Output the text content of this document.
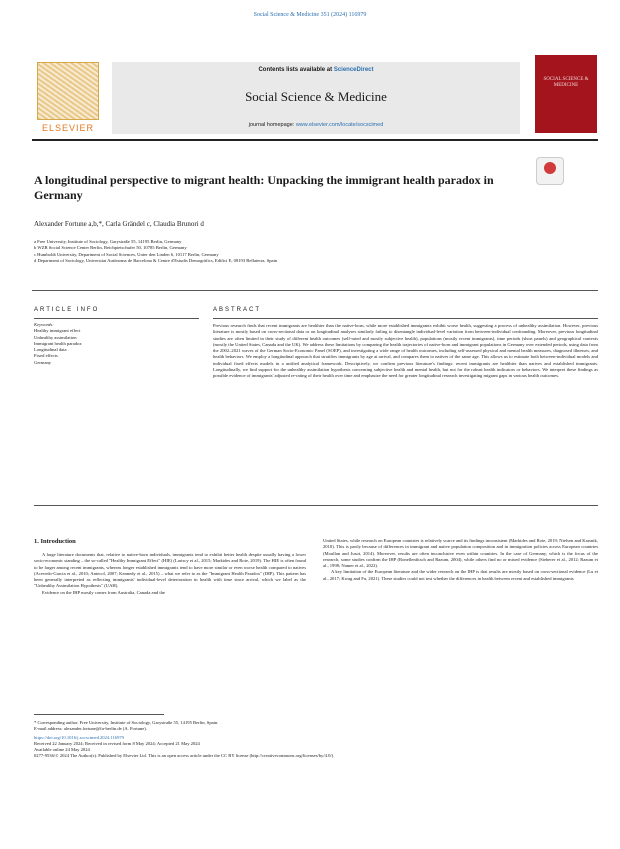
Social Science & Medicine 351 (2024) 116979
ELSEVIER
Contents lists available at ScienceDirect
Social Science & Medicine
journal homepage: www.elsevier.com/locate/socscimed
SOCIAL SCIENCE & MEDICINE
A longitudinal perspective to migrant health: Unpacking the immigrant health paradox in Germany
Alexander Fortune a,b,*, Carla Grändel c, Claudia Brunori d
a Free University, Institute of Sociology, Garystraße 55, 14195 Berlin, Germany
b WZB Social Science Center Berlin, Reichpietschufer 50, 10785 Berlin, Germany
c Humboldt University, Department of Social Sciences, Unter den Linden 6, 10117 Berlin, Germany
d Department of Sociology, Universitat Autònoma de Barcelona & Centre d'Estudis Demogràfics, Edifici E, 08193 Bellaterra, Spain
ARTICLE INFO
Keywords:
Healthy immigrant effect
Unhealthy assimilation
Immigrant health paradox
Longitudinal data
Fixed effects
Germany
ABSTRACT
Previous research finds that recent immigrants are healthier than the native-born, while more established immigrants exhibit worse health, suggesting a process of unhealthy assimilation. However, previous literature is mostly based on cross-sectional data or on longitudinal analyses similarly failing to disentangle individual-level variation from between-individual confounding. Moreover, previous longitudinal studies are often limited in their study of different health outcomes (self-rated and mostly subjective health), populations (mostly recent immigrants), time periods (short panels) and geographical contexts (mostly the United States, Canada and the UK). We address these limitations by comparing the health trajectories of native-born and immigrant populations in Germany over extended periods, using data from the 2002–2021 waves of the German Socio-Economic Panel (SOEP), and investigating a wide range of health outcomes, including self-assessed physical and mental health measures, diagnosed illnesses, and health behaviors. We employ a longitudinal approach that stratifies immigrants by age at arrival, and compares them to natives of the same age. This allows us to estimate both between-individual models and individual fixed effects models in a unified analytical framework. Descriptively, we confirm previous literature's findings: recent immigrants are healthier than natives and established immigrants. Longitudinally, we find support for the unhealthy assimilation hypothesis concerning subjective health and mental health, but not for the robust health indicators or behaviors. We interpret these findings as possible evidence of immigrants' adjusted re-rating of their health over time and emphasize the need for greater longitudinal research investigating migrant gaps in various health outcomes.
1. Introduction
A large literature documents that, relative to native-born individuals, immigrants tend to exhibit better health despite usually having a lower socio-economic standing – the so-called "Healthy Immigrant Effect" (HIE) (Lariscy et al., 2015; Markides and Rote, 2019). The HIE is often found to be larger among recent immigrants, whereas longer established immigrants tend to have more similar or even worse health compared to natives (Acevedo-Garcia et al., 2010; Antecol, 2007; Kennedy et al., 2015) – what we refer to as the "Immigrant Health Paradox" (IHP). This pattern has been generally interpreted as reflecting immigrants' individual-level deterioration in health with time since arrival, which we label as the "Unhealthy Assimilation Hypothesis" (UAH).
Evidence on the IHP mostly comes from Australia, Canada and the
United States, while research on European countries is relatively scarce and its findings inconsistent (Markides and Rote, 2019; Nielsen and Krasnik, 2010). This is partly because of differences in immigrant and native population composition and in immigration policies across European countries (Moullan and Jusot, 2014). Moreover, results are often inconclusive even within countries. In the case of Germany, which is the focus of the research, some studies confirm the IHP (Ronellenfitsch and Razum, 2004), while others find no or mixed evidence (Sieberer et al., 2012; Razum et al., 1998; Namer et al., 2022).
A key limitation of the European literature and the wider research on the IHP is that results are mostly based on cross-sectional evidence (Lu et al., 2017; Kwag and Fu, 2021). These studies could not test whether the differences in health between recent and established immigrants
* Corresponding author. Free University, Institute of Sociology, Garystraße 55, 14195 Berlin, Spain.
E-mail address: alexander.fortune@fu-berlin.de (A. Fortune).
https://doi.org/10.1016/j.socscimed.2024.116979
Received 22 January 2024; Received in revised form 8 May 2024; Accepted 21 May 2024
Available online 24 May 2024
0277-9536/© 2024 The Author(s). Published by Elsevier Ltd. This is an open access article under the CC BY license (http://creativecommons.org/licenses/by/4.0/).
